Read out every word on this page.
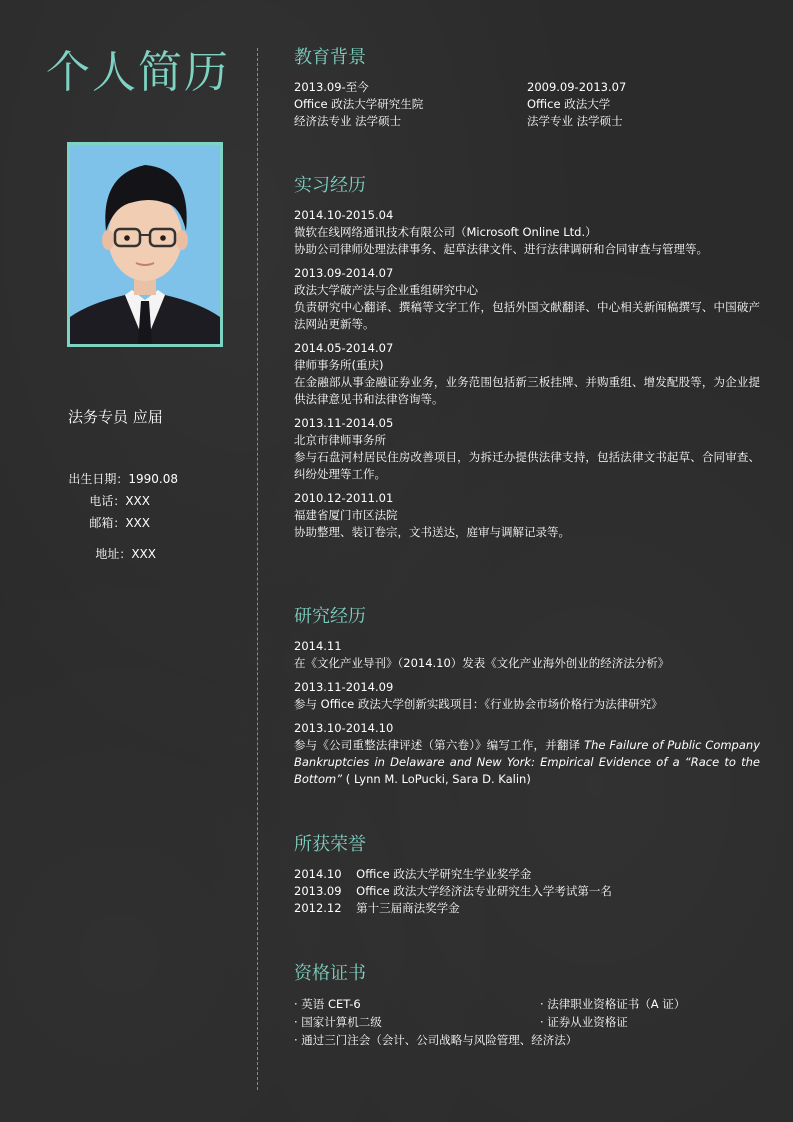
个人简历
法务专员 应届
出生日期：1990.08
电话：XXX
邮箱：XXX
地址：XXX
教育背景

2013.09-至今

Office 政法大学研究生院

经济法专业 法学硕士

2009.09-2013.07

Office 政法大学

法学专业 法学硕士

实习经历

2014.10-2015.04

微软在线网络通讯技术有限公司（Microsoft Online Ltd.）

协助公司律师处理法律事务、起草法律文件、进行法律调研和合同审查与管理等。

2013.09-2014.07

政法大学破产法与企业重组研究中心

负责研究中心翻译、撰稿等文字工作，包括外国文献翻译、中心相关新闻稿撰写、中国破产法网站更新等。

2014.05-2014.07

律师事务所(重庆)

在金融部从事金融证券业务，业务范围包括新三板挂牌、并购重组、增发配股等，为企业提供法律意见书和法律咨询等。

2013.11-2014.05

北京市律师事务所

参与石盘河村居民住房改善项目，为拆迁办提供法律支持，包括法律文书起草、合同审查、纠纷处理等工作。

2010.12-2011.01

福建省厦门市区法院

协助整理、装订卷宗，文书送达，庭审与调解记录等。

研究经历

2014.11

在《文化产业导刊》（2014.10）发表《文化产业海外创业的经济法分析》

2013.11-2014.09

参与 Office 政法大学创新实践项目：《行业协会市场价格行为法律研究》

2013.10-2014.10

参与《公司重整法律评述（第六卷）》编写工作，并翻译 The Failure of Public Company Bankruptcies in Delaware and New York: Empirical Evidence of a “Race to the Bottom” ( Lynn M. LoPucki, Sara D. Kalin)

所获荣誉

2014.10    Office 政法大学研究生学业奖学金

2013.09    Office 政法大学经济法专业研究生入学考试第一名

2012.12    第十三届商法奖学金

资格证书
· 英语 CET-6	· 法律职业资格证书（A 证）
· 国家计算机二级	· 证券从业资格证
· 通过三门注会（会计、公司战略与风险管理、经济法）
